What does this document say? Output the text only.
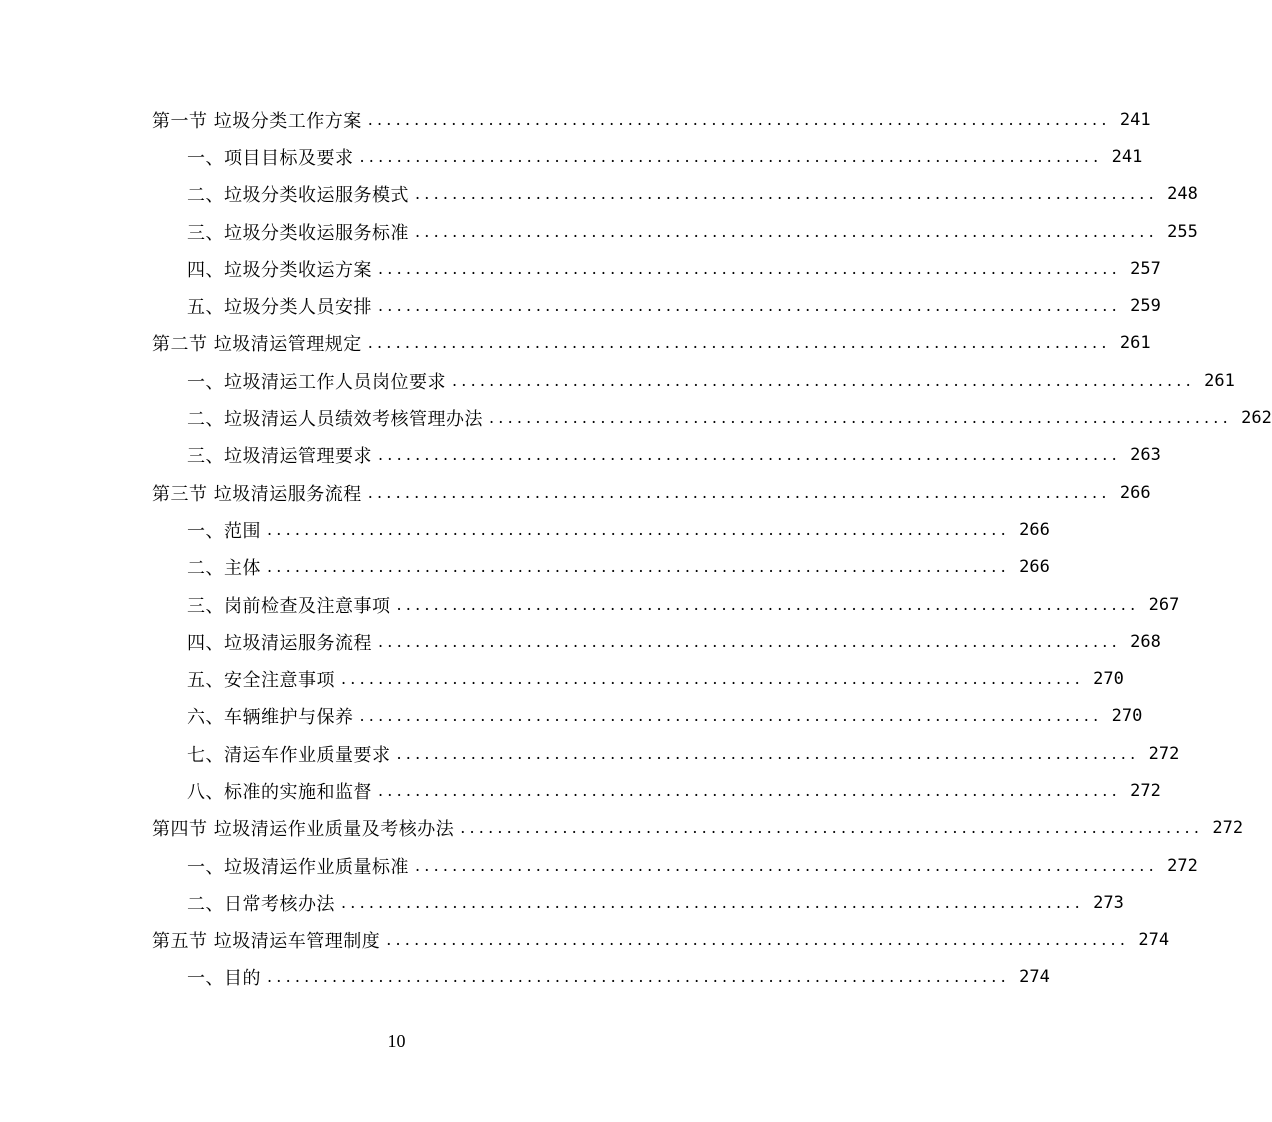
第一节 垃圾分类工作方案 ................................................................................ 241
一、项目目标及要求 ................................................................................ 241
二、垃圾分类收运服务模式 ................................................................................ 248
三、垃圾分类收运服务标准 ................................................................................ 255
四、垃圾分类收运方案 ................................................................................ 257
五、垃圾分类人员安排 ................................................................................ 259
第二节 垃圾清运管理规定 ................................................................................ 261
一、垃圾清运工作人员岗位要求 ................................................................................ 261
二、垃圾清运人员绩效考核管理办法 ................................................................................ 262
三、垃圾清运管理要求 ................................................................................ 263
第三节 垃圾清运服务流程 ................................................................................ 266
一、范围 ................................................................................ 266
二、主体 ................................................................................ 266
三、岗前检查及注意事项 ................................................................................ 267
四、垃圾清运服务流程 ................................................................................ 268
五、安全注意事项 ................................................................................ 270
六、车辆维护与保养 ................................................................................ 270
七、清运车作业质量要求 ................................................................................ 272
八、标准的实施和监督 ................................................................................ 272
第四节 垃圾清运作业质量及考核办法 ................................................................................ 272
一、垃圾清运作业质量标准 ................................................................................ 272
二、日常考核办法 ................................................................................ 273
第五节 垃圾清运车管理制度 ................................................................................ 274
一、目的 ................................................................................ 274
10
